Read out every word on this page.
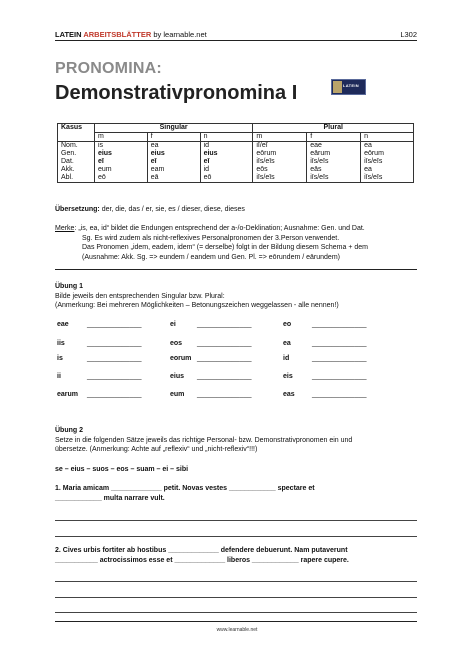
LATEIN ARBEITSBLÄTTER by learnable.net	L302
PRONOMINA:
Demonstrativpronomina I	LATEIN
Kasus	Singular			Plural		
	m	f	n	m	f	n
Nom.	is	ea	id	iī/eī	eae	ea
Gen.	eius	eius	eius	eōrum	eārum	eōrum
Dat.	eī	eī	eī	iīs/eīs	iīs/eīs	iīs/eīs
Akk.	eum	eam	id	eōs	eās	ea
Abl.	eō	eā	eō	iīs/eīs	iīs/eīs	iīs/eīs
Übersetzung: der, die, das / er, sie, es / dieser, diese, dieses
Merke: „is, ea, id“ bildet die Endungen entsprechend der a-/o-Deklination; Ausnahme: Gen. und Dat.
Sg. Es wird zudem als nicht-reflexives Personalpronomen der 3.Person verwendet.
Das Pronomen „idem, eadem, idem“ (= derselbe) folgt in der Bildung diesem Schema + dem
(Ausnahme: Akk. Sg. => eundem / eandem und Gen. Pl. => eōrundem / eārundem)
Übung 1
Bilde jeweils den entsprechenden Singular bzw. Plural:
(Anmerkung: Bei mehreren Möglichkeiten – Betonungszeichen weggelassen - alle nennen!)
eae	______________	ei	______________	eo	______________
iis	______________	eos ______________	ea	______________
is	______________	eorum ______________	id	______________
ii	______________	eius ______________	eis	______________
earum ______________	eum ______________	eas ______________
Übung 2
Setze in die folgenden Sätze jeweils das richtige Personal- bzw. Demonstrativpronomen ein und
übersetze. (Anmerkung: Achte auf „reflexiv“ und „nicht-reflexiv“!!!)
se – eius – suos – eos – suam – ei – sibi
1. Maria amicam _____________ petit. Novas vestes ____________ spectare et
____________ multa narrare vult.
2. Cives urbis fortiter ab hostibus _____________ defendere debuerunt. Nam putaverunt
___________ actrocissimos esse et _____________ liberos ____________ rapere cupere.
www.learnable.net
